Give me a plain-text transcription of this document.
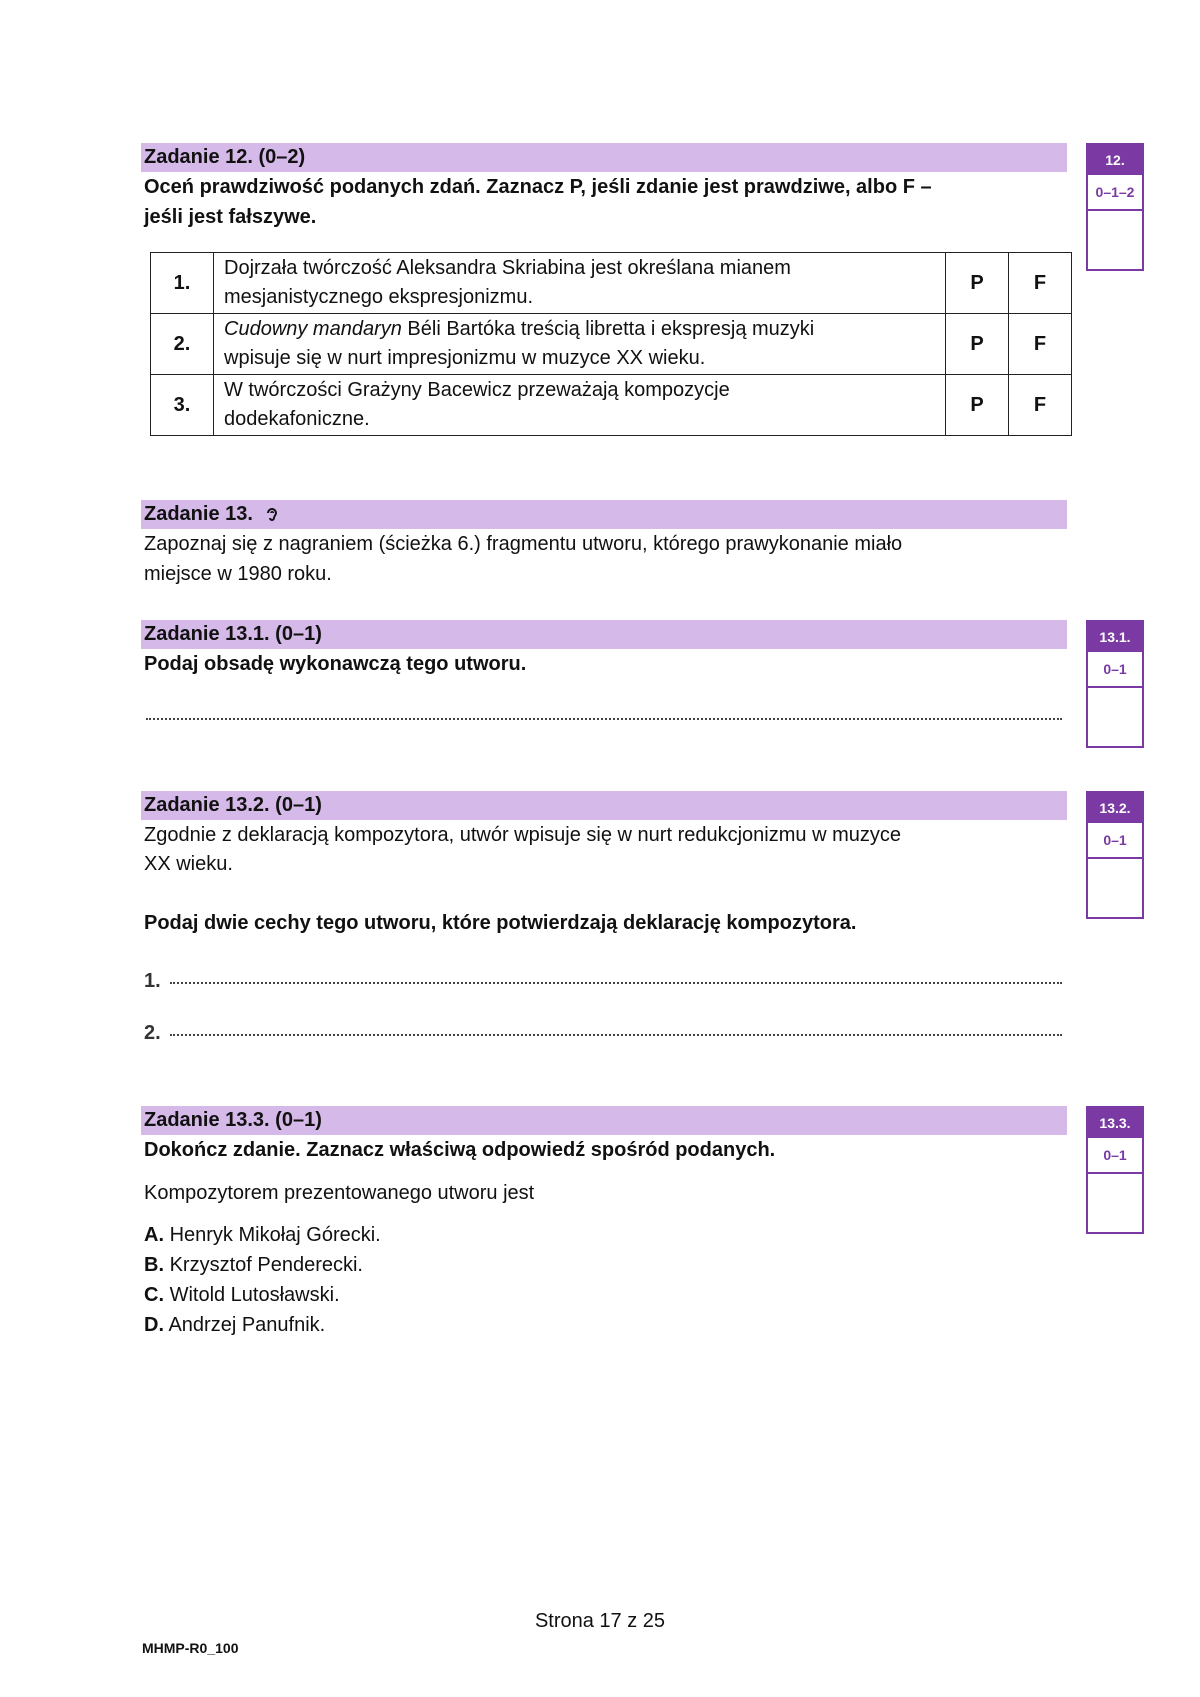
Zadanie 12. (0–2)
Oceń prawdziwość podanych zdań. Zaznacz P, jeśli zdanie jest prawdziwe, albo F –
jeśli jest fałszywe.
12.
0–1–2
1.	Dojrzała twórczość Aleksandra Skriabina jest określana mianem
mesjanistycznego ekspresjonizmu.	P	F
2.	Cudowny mandaryn Béli Bartóka treścią libretta i ekspresją muzyki
wpisuje się w nurt impresjonizmu w muzyce XX wieku.	P	F
3.	W twórczości Grażyny Bacewicz przeważają kompozycje
dodekafoniczne.	P	F
Zadanie 13.
Zapoznaj się z nagraniem (ścieżka 6.) fragmentu utworu, którego prawykonanie miało
miejsce w 1980 roku.
Zadanie 13.1. (0–1)
Podaj obsadę wykonawczą tego utworu.
13.1.
0–1
Zadanie 13.2. (0–1)
Zgodnie z deklaracją kompozytora, utwór wpisuje się w nurt redukcjonizmu w muzyce
XX wieku.
Podaj dwie cechy tego utworu, które potwierdzają deklarację kompozytora.
1.
2.
13.2.
0–1
Zadanie 13.3. (0–1)
Dokończ zdanie. Zaznacz właściwą odpowiedź spośród podanych.
Kompozytorem prezentowanego utworu jest
A. Henryk Mikołaj Górecki.
B. Krzysztof Penderecki.
C. Witold Lutosławski.
D. Andrzej Panufnik.
13.3.
0–1
Strona 17 z 25
MHMP-R0_100
